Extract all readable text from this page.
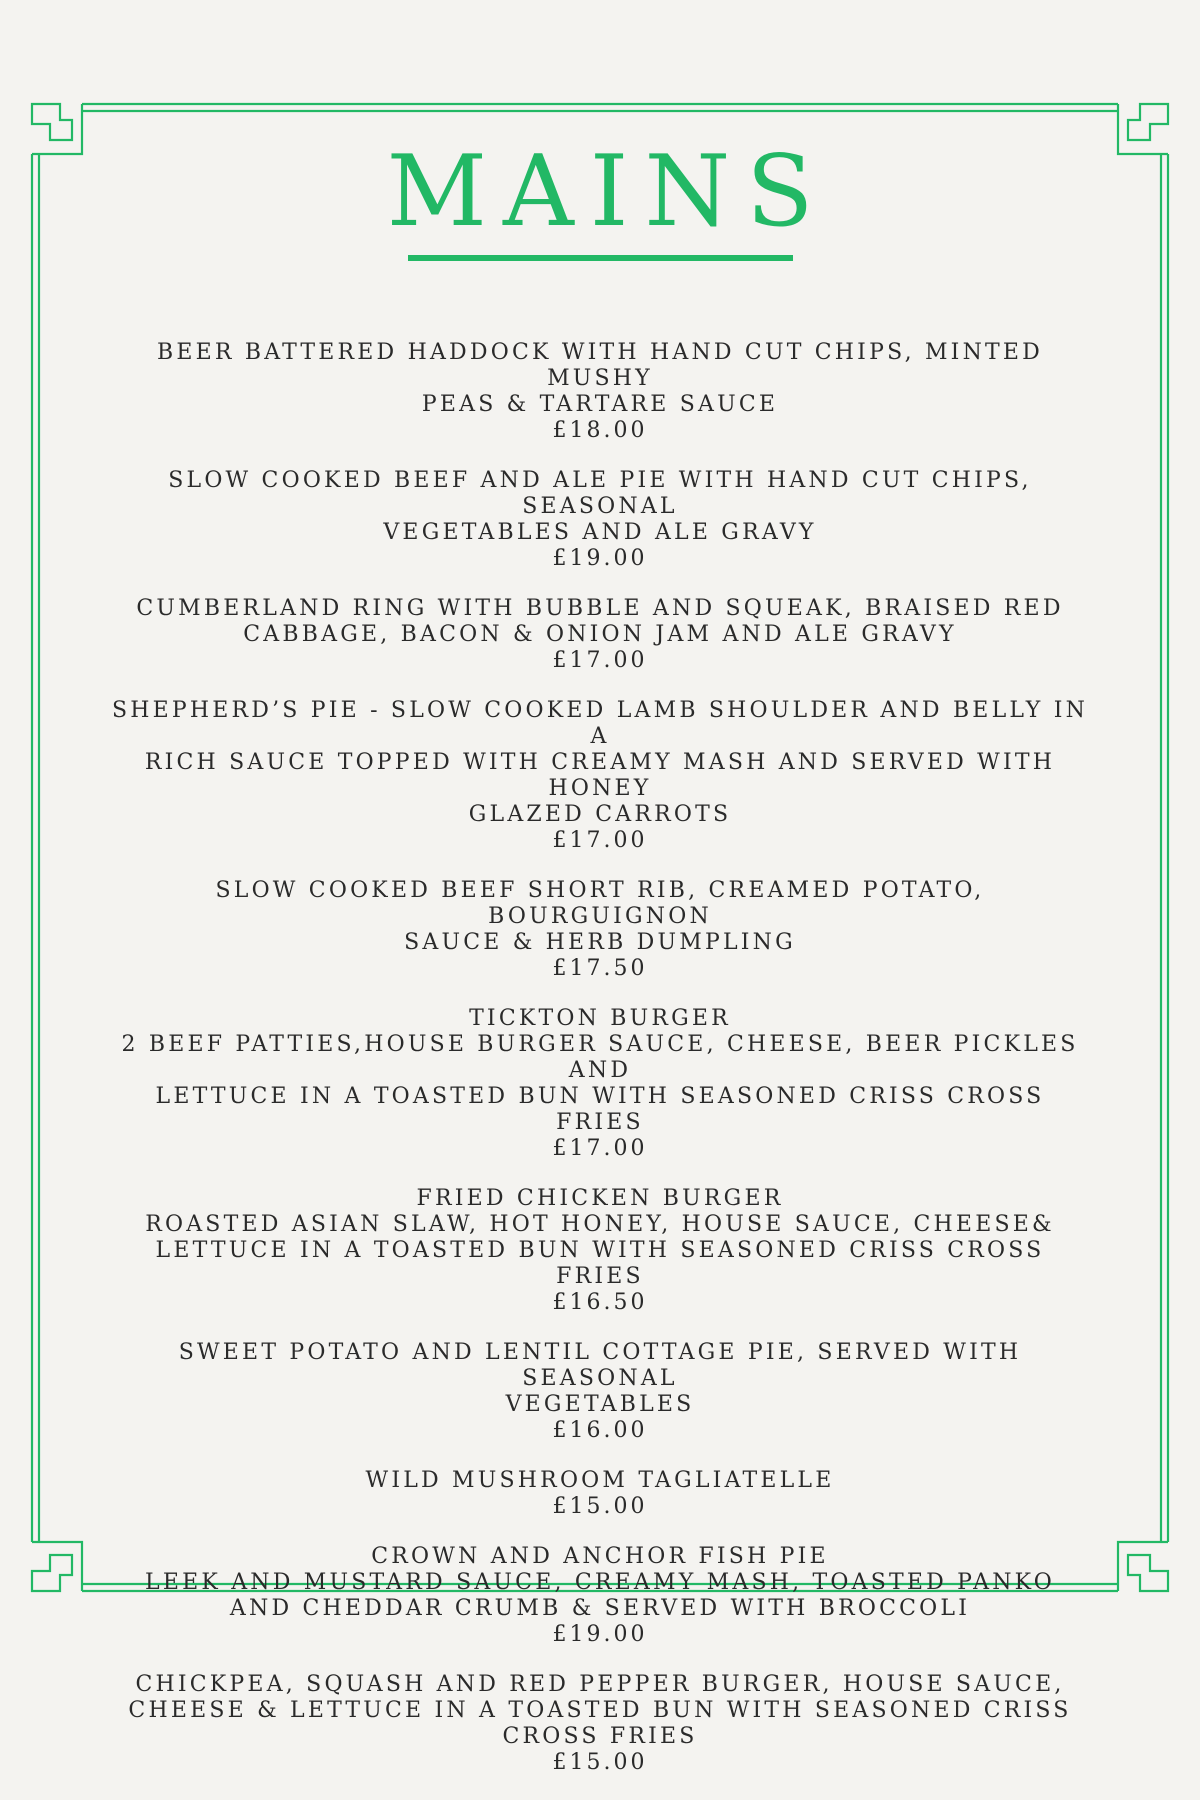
MAINS
BEER BATTERED HADDOCK WITH HAND CUT CHIPS, MINTED MUSHY
PEAS & TARTARE SAUCE
£18.00
SLOW COOKED BEEF AND ALE PIE WITH HAND CUT CHIPS, SEASONAL
VEGETABLES AND ALE GRAVY
£19.00
CUMBERLAND RING WITH BUBBLE AND SQUEAK, BRAISED RED
CABBAGE, BACON & ONION JAM AND ALE GRAVY
£17.00
SHEPHERD’S PIE - SLOW COOKED LAMB SHOULDER AND BELLY IN A
RICH SAUCE TOPPED WITH CREAMY MASH AND SERVED WITH HONEY
GLAZED CARROTS
£17.00
SLOW COOKED BEEF SHORT RIB, CREAMED POTATO, BOURGUIGNON
SAUCE & HERB DUMPLING
£17.50
TICKTON BURGER
2 BEEF PATTIES,HOUSE BURGER SAUCE, CHEESE, BEER PICKLES AND
LETTUCE IN A TOASTED BUN WITH SEASONED CRISS CROSS FRIES
£17.00
FRIED CHICKEN BURGER
ROASTED ASIAN SLAW, HOT HONEY, HOUSE SAUCE, CHEESE&
LETTUCE IN A TOASTED BUN WITH SEASONED CRISS CROSS FRIES
£16.50
SWEET POTATO AND LENTIL COTTAGE PIE, SERVED WITH SEASONAL
VEGETABLES
£16.00
WILD MUSHROOM TAGLIATELLE
£15.00
CROWN AND ANCHOR FISH PIE
LEEK AND MUSTARD SAUCE, CREAMY MASH, TOASTED PANKO
AND CHEDDAR CRUMB & SERVED WITH BROCCOLI
£19.00
CHICKPEA, SQUASH AND RED PEPPER BURGER, HOUSE SAUCE,
CHEESE & LETTUCE IN A TOASTED BUN WITH SEASONED CRISS
CROSS FRIES
£15.00
